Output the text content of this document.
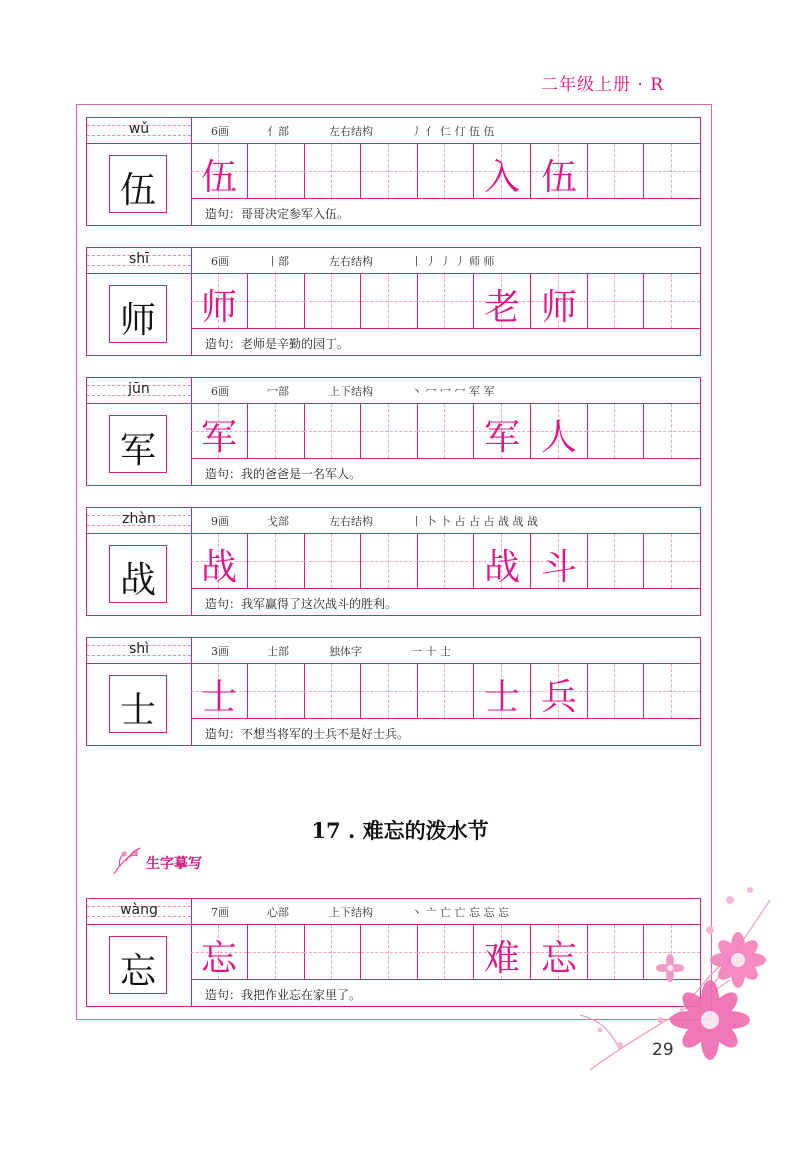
二年级上册 · R
wǔ	6画	亻部	左右结构	丿 亻 仁 仃 伍 伍
伍 伍	入 伍
造句：哥哥决定参军入伍。
shī	6画	丨部	左右结构	丨 丿 丿 丿 师 师
师 师	老 师
造句：老师是辛勤的园丁。
jūn	6画	冖部	上下结构	丶 冖 冖 冖 军 军
军 军	军 人
造句：我的爸爸是一名军人。
zhàn	9画	戈部	左右结构	丨 卜 卜 占 占 占 战 战 战
战 战	战 斗
造句：我军赢得了这次战斗的胜利。
shì	3画	士部	独体字	一 十 士
士 士	士 兵
造句：不想当将军的士兵不是好士兵。
wàng	7画	心部	上下结构	丶 亠 亡 亡 忘 忘 忘
忘 忘	难 忘
造句：我把作业忘在家里了。
17 . 难忘的泼水节
生字摹写
29
